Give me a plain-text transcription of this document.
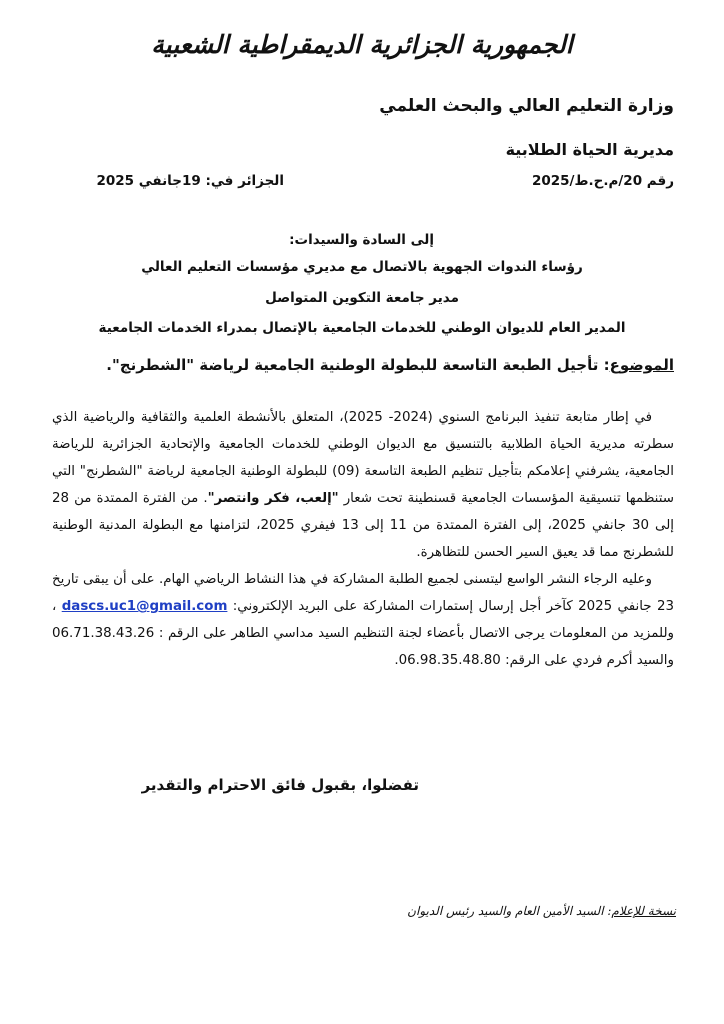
الجمهورية الجزائرية الديمقراطية الشعبية
وزارة التعليم العالي والبحث العلمي
مديرية الحياة الطلابية
رقم 20/م.ح.ط/2025
الجزائر في: 19جانفي 2025
إلى السادة والسيدات:
رؤساء الندوات الجهوية بالاتصال مع مديري مؤسسات التعليم العالي
مدير جامعة التكوين المتواصل
المدير العام للديوان الوطني للخدمات الجامعية بالإتصال بمدراء الخدمات الجامعية
الموضوع: تأجيل الطبعة التاسعة للبطولة الوطنية الجامعية لرياضة "الشطرنج".

في إطار متابعة تنفيذ البرنامج السنوي (2024- 2025)، المتعلق بالأنشطة العلمية والثقافية والرياضية الذي سطرته مديرية الحياة الطلابية بالتنسيق مع الديوان الوطني للخدمات الجامعية والإتحادية الجزائرية للرياضة الجامعية، يشرفني إعلامكم بتأجيل تنظيم الطبعة التاسعة (09) للبطولة الوطنية الجامعية لرياضة "الشطرنج" التي ستنظمها تنسيقية المؤسسات الجامعية قسنطينة تحت شعار "إلعب، فكر وانتصر". من الفترة الممتدة من 28 إلى 30 جانفي 2025، إلى الفترة الممتدة من 11 إلى 13 فيفري 2025، لتزامنها مع البطولة المدنية الوطنية للشطرنج مما قد يعيق السير الحسن للتظاهرة.

وعليه الرجاء النشر الواسع ليتسنى لجميع الطلبة المشاركة في هذا النشاط الرياضي الهام. على أن يبقى تاريخ 23 جانفي 2025 كآخر أجل إرسال إستمارات المشاركة على البريد الإلكتروني: dascs.uc1@gmail.com ، وللمزيد من المعلومات يرجى الاتصال بأعضاء لجنة التنظيم السيد مداسي الطاهر على الرقم : 06.71.38.43.26 والسيد أكرم فردي على الرقم: 06.98.35.48.80.

تفضلوا، بقبول فائق الاحترام والتقدير
نسخة للإعلام: السيد الأمين العام والسيد رئيس الديوان
